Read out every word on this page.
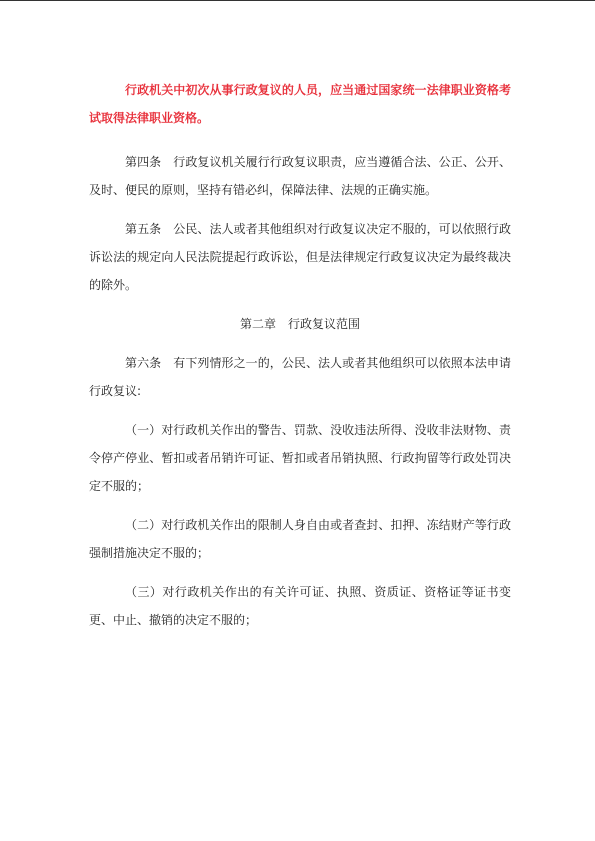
行政机关中初次从事行政复议的人员，应当通过国家统一法律职业资格考试取得法律职业资格。

第四条　行政复议机关履行行政复议职责，应当遵循合法、公正、公开、及时、便民的原则，坚持有错必纠，保障法律、法规的正确实施。

第五条　公民、法人或者其他组织对行政复议决定不服的，可以依照行政诉讼法的规定向人民法院提起行政诉讼，但是法律规定行政复议决定为最终裁决的除外。

第二章 行政复议范围

第六条　有下列情形之一的，公民、法人或者其他组织可以依照本法申请行政复议:

（一）对行政机关作出的警告、罚款、没收违法所得、没收非法财物、责令停产停业、暂扣或者吊销许可证、暂扣或者吊销执照、行政拘留等行政处罚决定不服的；

（二）对行政机关作出的限制人身自由或者查封、扣押、冻结财产等行政强制措施决定不服的；

（三）对行政机关作出的有关许可证、执照、资质证、资格证等证书变更、中止、撤销的决定不服的；
